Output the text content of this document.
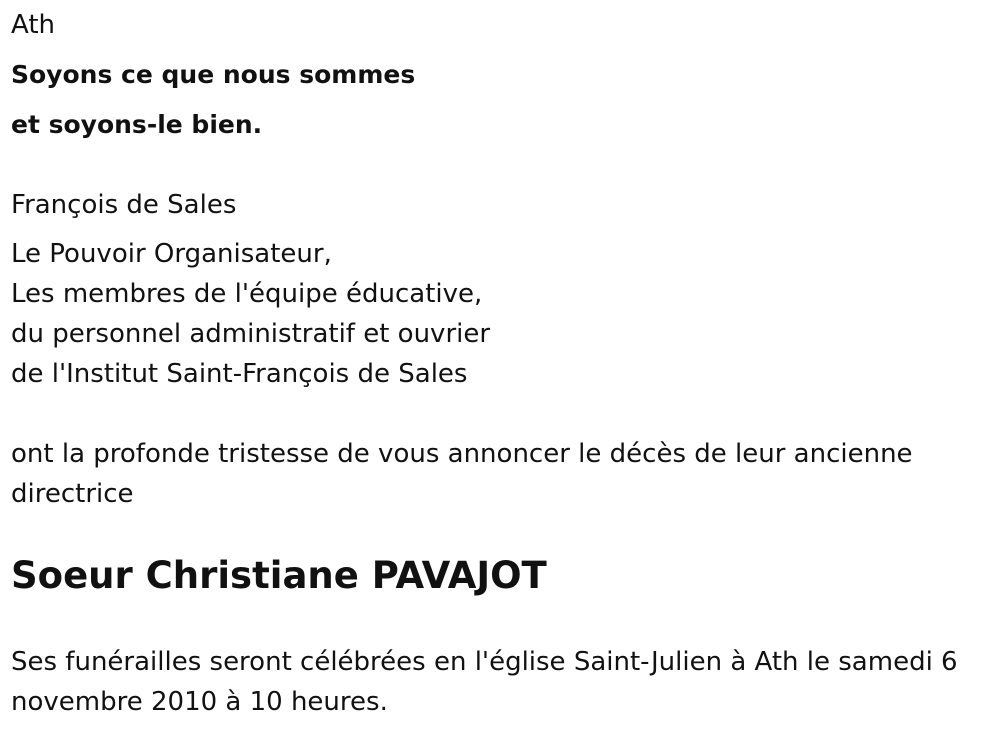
Ath
Soyons ce que nous sommes
et soyons-le bien.
François de Sales
Le Pouvoir Organisateur,
Les membres de l'équipe éducative,
du personnel administratif et ouvrier
de l'Institut Saint-François de Sales
ont la profonde tristesse de vous annoncer le décès de leur ancienne directrice
Soeur Christiane PAVAJOT
Ses funérailles seront célébrées en l'église Saint-Julien à Ath le samedi 6 novembre 2010 à 10 heures.
